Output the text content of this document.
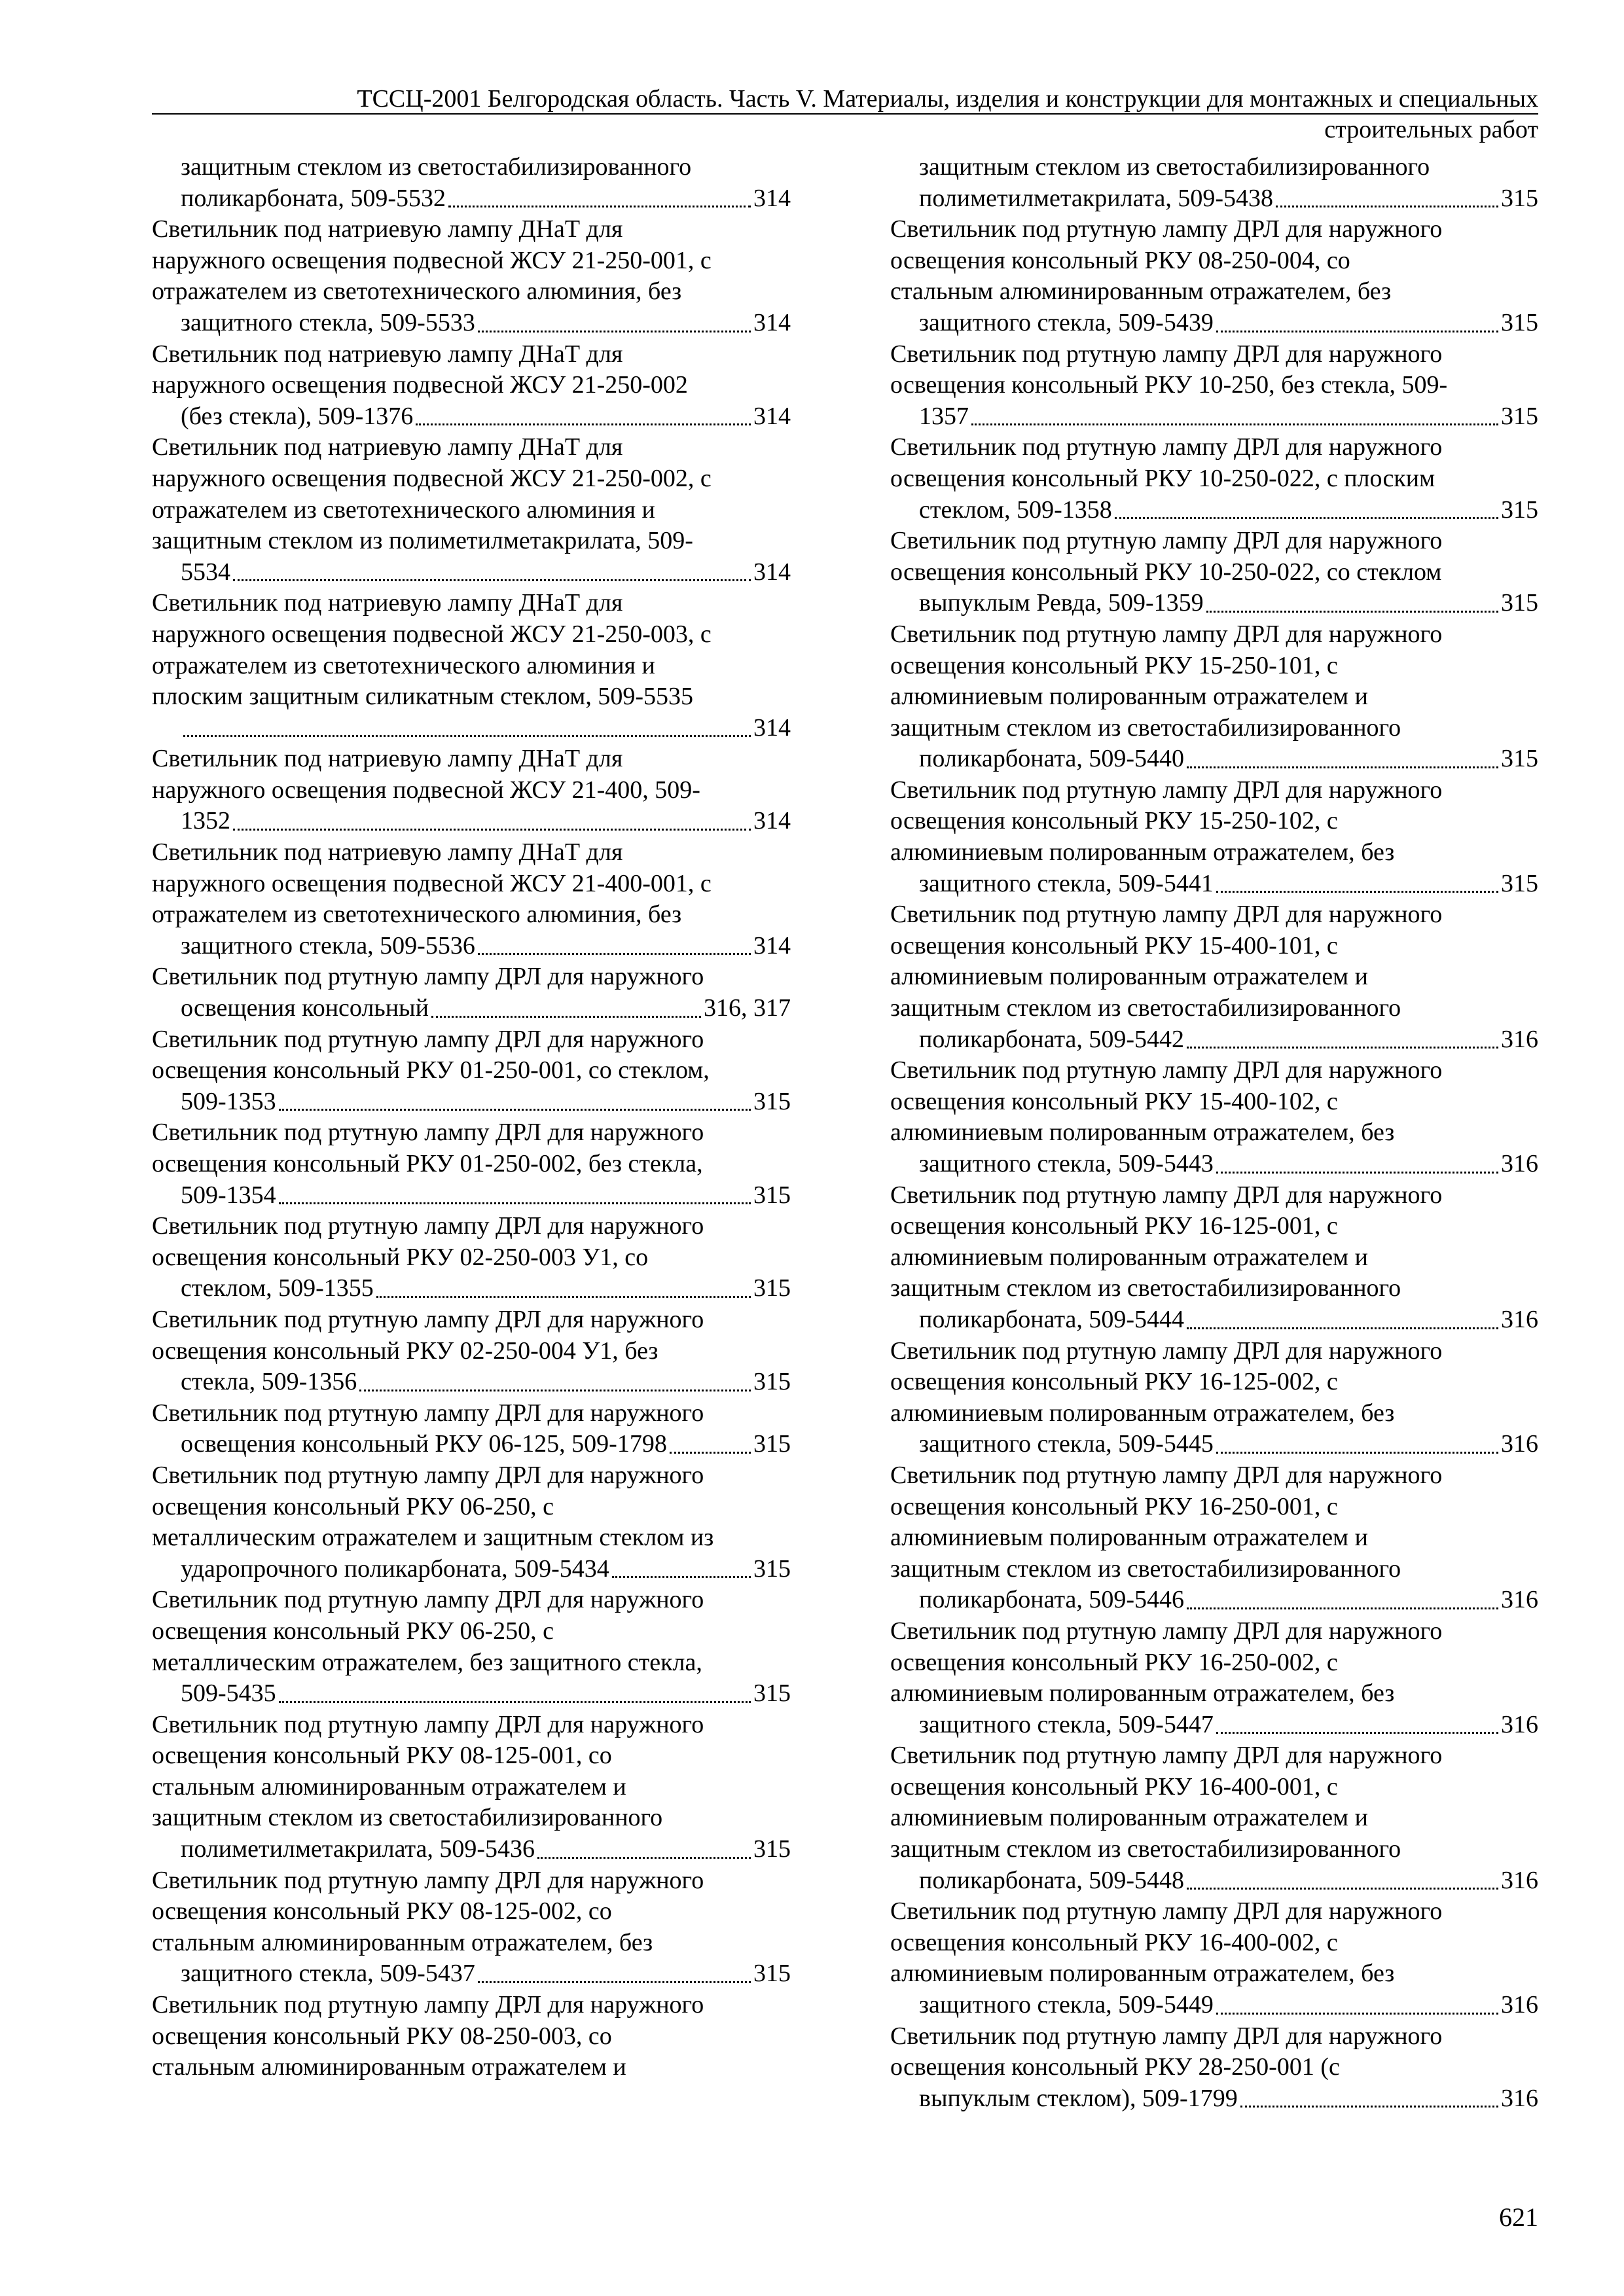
ТССЦ-2001 Белгородская область. Часть V. Материалы, изделия и конструкции для монтажных и специальных
строительных работ
защитным стеклом из светостабилизированного
поликарбоната, 509-5532	314
Светильник под натриевую лампу ДНаТ для
наружного освещения подвесной ЖСУ 21-250-001, с
отражателем из светотехнического алюминия, без
защитного стекла, 509-5533	314
Светильник под натриевую лампу ДНаТ для
наружного освещения подвесной ЖСУ 21-250-002
(без стекла), 509-1376	314
Светильник под натриевую лампу ДНаТ для
наружного освещения подвесной ЖСУ 21-250-002, с
отражателем из светотехнического алюминия и
защитным стеклом из полиметилметакрилата, 509-
5534	314
Светильник под натриевую лампу ДНаТ для
наружного освещения подвесной ЖСУ 21-250-003, с
отражателем из светотехнического алюминия и
плоским защитным силикатным стеклом, 509-5535
314
Светильник под натриевую лампу ДНаТ для
наружного освещения подвесной ЖСУ 21-400, 509-
1352	314
Светильник под натриевую лампу ДНаТ для
наружного освещения подвесной ЖСУ 21-400-001, с
отражателем из светотехнического алюминия, без
защитного стекла, 509-5536	314
Светильник под ртутную лампу ДРЛ для наружного
освещения консольный	316, 317
Светильник под ртутную лампу ДРЛ для наружного
освещения консольный РКУ 01-250-001, со стеклом,
509-1353	315
Светильник под ртутную лампу ДРЛ для наружного
освещения консольный РКУ 01-250-002, без стекла,
509-1354	315
Светильник под ртутную лампу ДРЛ для наружного
освещения консольный РКУ 02-250-003 У1, со
стеклом, 509-1355	315
Светильник под ртутную лампу ДРЛ для наружного
освещения консольный РКУ 02-250-004 У1, без
стекла, 509-1356	315
Светильник под ртутную лампу ДРЛ для наружного
освещения консольный РКУ 06-125, 509-1798	315
Светильник под ртутную лампу ДРЛ для наружного
освещения консольный РКУ 06-250, с
металлическим отражателем и защитным стеклом из
ударопрочного поликарбоната, 509-5434	315
Светильник под ртутную лампу ДРЛ для наружного
освещения консольный РКУ 06-250, с
металлическим отражателем, без защитного стекла,
509-5435	315
Светильник под ртутную лампу ДРЛ для наружного
освещения консольный РКУ 08-125-001, со
стальным алюминированным отражателем и
защитным стеклом из светостабилизированного
полиметилметакрилата, 509-5436	315
Светильник под ртутную лампу ДРЛ для наружного
освещения консольный РКУ 08-125-002, со
стальным алюминированным отражателем, без
защитного стекла, 509-5437	315
Светильник под ртутную лампу ДРЛ для наружного
освещения консольный РКУ 08-250-003, со
стальным алюминированным отражателем и
защитным стеклом из светостабилизированного
полиметилметакрилата, 509-5438	315
Светильник под ртутную лампу ДРЛ для наружного
освещения консольный РКУ 08-250-004, со
стальным алюминированным отражателем, без
защитного стекла, 509-5439	315
Светильник под ртутную лампу ДРЛ для наружного
освещения консольный РКУ 10-250, без стекла, 509-
1357	315
Светильник под ртутную лампу ДРЛ для наружного
освещения консольный РКУ 10-250-022, с плоским
стеклом, 509-1358	315
Светильник под ртутную лампу ДРЛ для наружного
освещения консольный РКУ 10-250-022, со стеклом
выпуклым Ревда, 509-1359	315
Светильник под ртутную лампу ДРЛ для наружного
освещения консольный РКУ 15-250-101, с
алюминиевым полированным отражателем и
защитным стеклом из светостабилизированного
поликарбоната, 509-5440	315
Светильник под ртутную лампу ДРЛ для наружного
освещения консольный РКУ 15-250-102, с
алюминиевым полированным отражателем, без
защитного стекла, 509-5441	315
Светильник под ртутную лампу ДРЛ для наружного
освещения консольный РКУ 15-400-101, с
алюминиевым полированным отражателем и
защитным стеклом из светостабилизированного
поликарбоната, 509-5442	316
Светильник под ртутную лампу ДРЛ для наружного
освещения консольный РКУ 15-400-102, с
алюминиевым полированным отражателем, без
защитного стекла, 509-5443	316
Светильник под ртутную лампу ДРЛ для наружного
освещения консольный РКУ 16-125-001, с
алюминиевым полированным отражателем и
защитным стеклом из светостабилизированного
поликарбоната, 509-5444	316
Светильник под ртутную лампу ДРЛ для наружного
освещения консольный РКУ 16-125-002, с
алюминиевым полированным отражателем, без
защитного стекла, 509-5445	316
Светильник под ртутную лампу ДРЛ для наружного
освещения консольный РКУ 16-250-001, с
алюминиевым полированным отражателем и
защитным стеклом из светостабилизированного
поликарбоната, 509-5446	316
Светильник под ртутную лампу ДРЛ для наружного
освещения консольный РКУ 16-250-002, с
алюминиевым полированным отражателем, без
защитного стекла, 509-5447	316
Светильник под ртутную лампу ДРЛ для наружного
освещения консольный РКУ 16-400-001, с
алюминиевым полированным отражателем и
защитным стеклом из светостабилизированного
поликарбоната, 509-5448	316
Светильник под ртутную лампу ДРЛ для наружного
освещения консольный РКУ 16-400-002, с
алюминиевым полированным отражателем, без
защитного стекла, 509-5449	316
Светильник под ртутную лампу ДРЛ для наружного
освещения консольный РКУ 28-250-001 (с
выпуклым стеклом), 509-1799	316
621
